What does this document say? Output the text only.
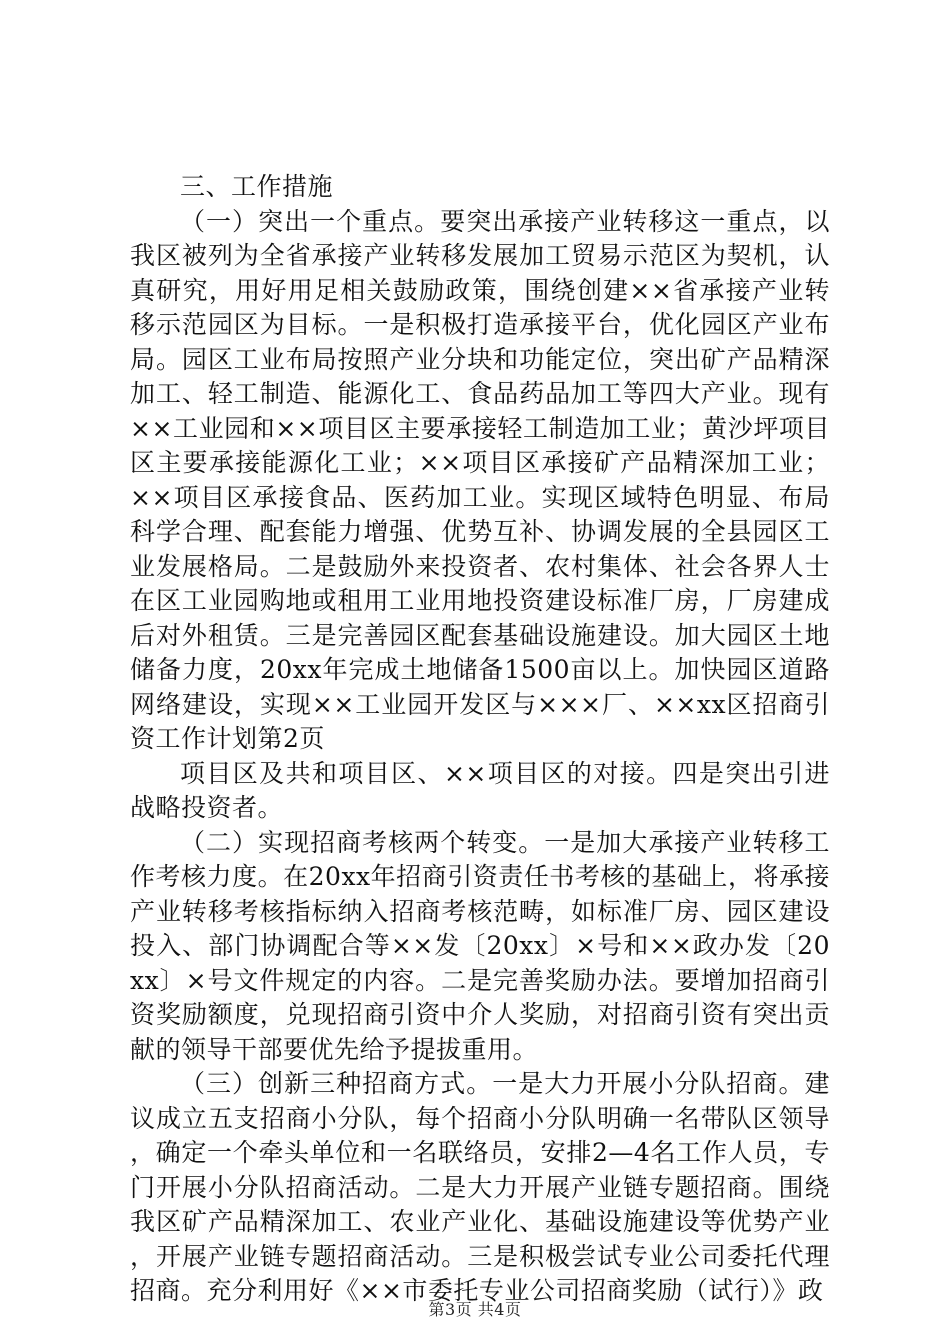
三、工作措施

（一）突出一个重点。要突出承接产业转移这一重点，以我区被列为全省承接产业转移发展加工贸易示范区为契机，认真研究，用好用足相关鼓励政策，围绕创建××省承接产业转移示范园区为目标。一是积极打造承接平台，优化园区产业布局。园区工业布局按照产业分块和功能定位，突出矿产品精深加工、轻工制造、能源化工、食品药品加工等四大产业。现有××工业园和××项目区主要承接轻工制造加工业；黄沙坪项目区主要承接能源化工业；××项目区承接矿产品精深加工业；××项目区承接食品、医药加工业。实现区域特色明显、布局科学合理、配套能力增强、优势互补、协调发展的全县园区工业发展格局。二是鼓励外来投资者、农村集体、社会各界人士在区工业园购地或租用工业用地投资建设标准厂房，厂房建成后对外租赁。三是完善园区配套基础设施建设。加大园区土地储备力度，20xx年完成土地储备1500亩以上。加快园区道路网络建设，实现××工业园开发区与×××厂、××xx区招商引资工作计划第2页

项目区及共和项目区、××项目区的对接。四是突出引进战略投资者。

（二）实现招商考核两个转变。一是加大承接产业转移工作考核力度。在20xx年招商引资责任书考核的基础上，将承接产业转移考核指标纳入招商考核范畴，如标准厂房、园区建设投入、部门协调配合等××发〔20xx〕×号和××政办发〔20xx〕×号文件规定的内容。二是完善奖励办法。要增加招商引资奖励额度，兑现招商引资中介人奖励，对招商引资有突出贡献的领导干部要优先给予提拔重用。

（三）创新三种招商方式。一是大力开展小分队招商。建议成立五支招商小分队，每个招商小分队明确一名带队区领导，确定一个牵头单位和一名联络员，安排2—4名工作人员，专门开展小分队招商活动。二是大力开展产业链专题招商。围绕我区矿产品精深加工、农业产业化、基础设施建设等优势产业，开展产业链专题招商活动。三是积极尝试专业公司委托代理招商。充分利用好《××市委托专业公司招商奖励（试行）》政

第3页 共4页
